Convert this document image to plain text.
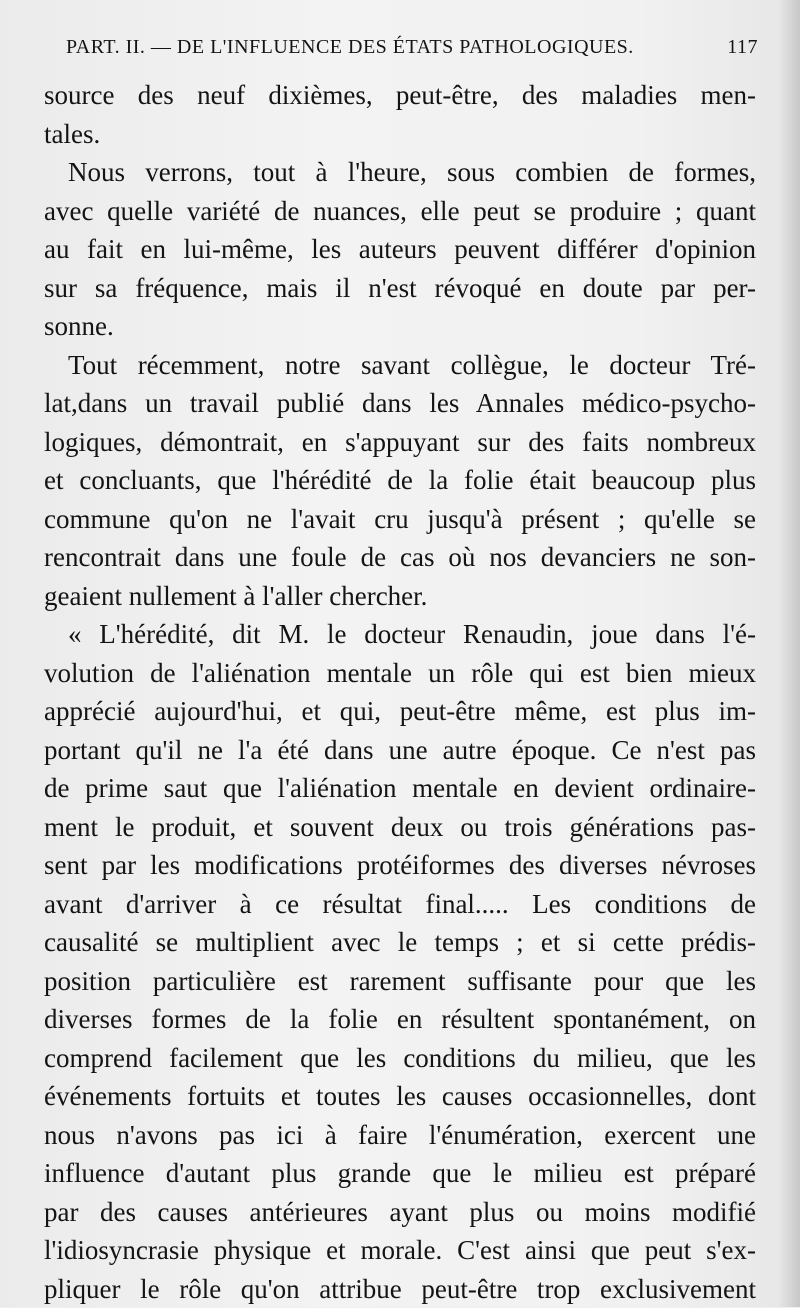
PART. II. — DE L'INFLUENCE DES ÉTATS PATHOLOGIQUES.	117
source des neuf dixièmes, peut-être, des maladies men-
tales.
Nous verrons, tout à l'heure, sous combien de formes,
avec quelle variété de nuances, elle peut se produire ; quant
au fait en lui-même, les auteurs peuvent différer d'opinion
sur sa fréquence, mais il n'est révoqué en doute par per-
sonne.
Tout récemment, notre savant collègue, le docteur Tré-
lat,dans un travail publié dans les Annales médico-psycho-
logiques, démontrait, en s'appuyant sur des faits nombreux
et concluants, que l'hérédité de la folie était beaucoup plus
commune qu'on ne l'avait cru jusqu'à présent ; qu'elle se
rencontrait dans une foule de cas où nos devanciers ne son-
geaient nullement à l'aller chercher.
« L'hérédité, dit M. le docteur Renaudin, joue dans l'é-
volution de l'aliénation mentale un rôle qui est bien mieux
apprécié aujourd'hui, et qui, peut-être même, est plus im-
portant qu'il ne l'a été dans une autre époque. Ce n'est pas
de prime saut que l'aliénation mentale en devient ordinaire-
ment le produit, et souvent deux ou trois générations pas-
sent par les modifications protéiformes des diverses névroses
avant d'arriver à ce résultat final..... Les conditions de
causalité se multiplient avec le temps ; et si cette prédis-
position particulière est rarement suffisante pour que les
diverses formes de la folie en résultent spontanément, on
comprend facilement que les conditions du milieu, que les
événements fortuits et toutes les causes occasionnelles, dont
nous n'avons pas ici à faire l'énumération, exercent une
influence d'autant plus grande que le milieu est préparé
par des causes antérieures ayant plus ou moins modifié
l'idiosyncrasie physique et morale. C'est ainsi que peut s'ex-
pliquer le rôle qu'on attribue peut-être trop exclusivement
